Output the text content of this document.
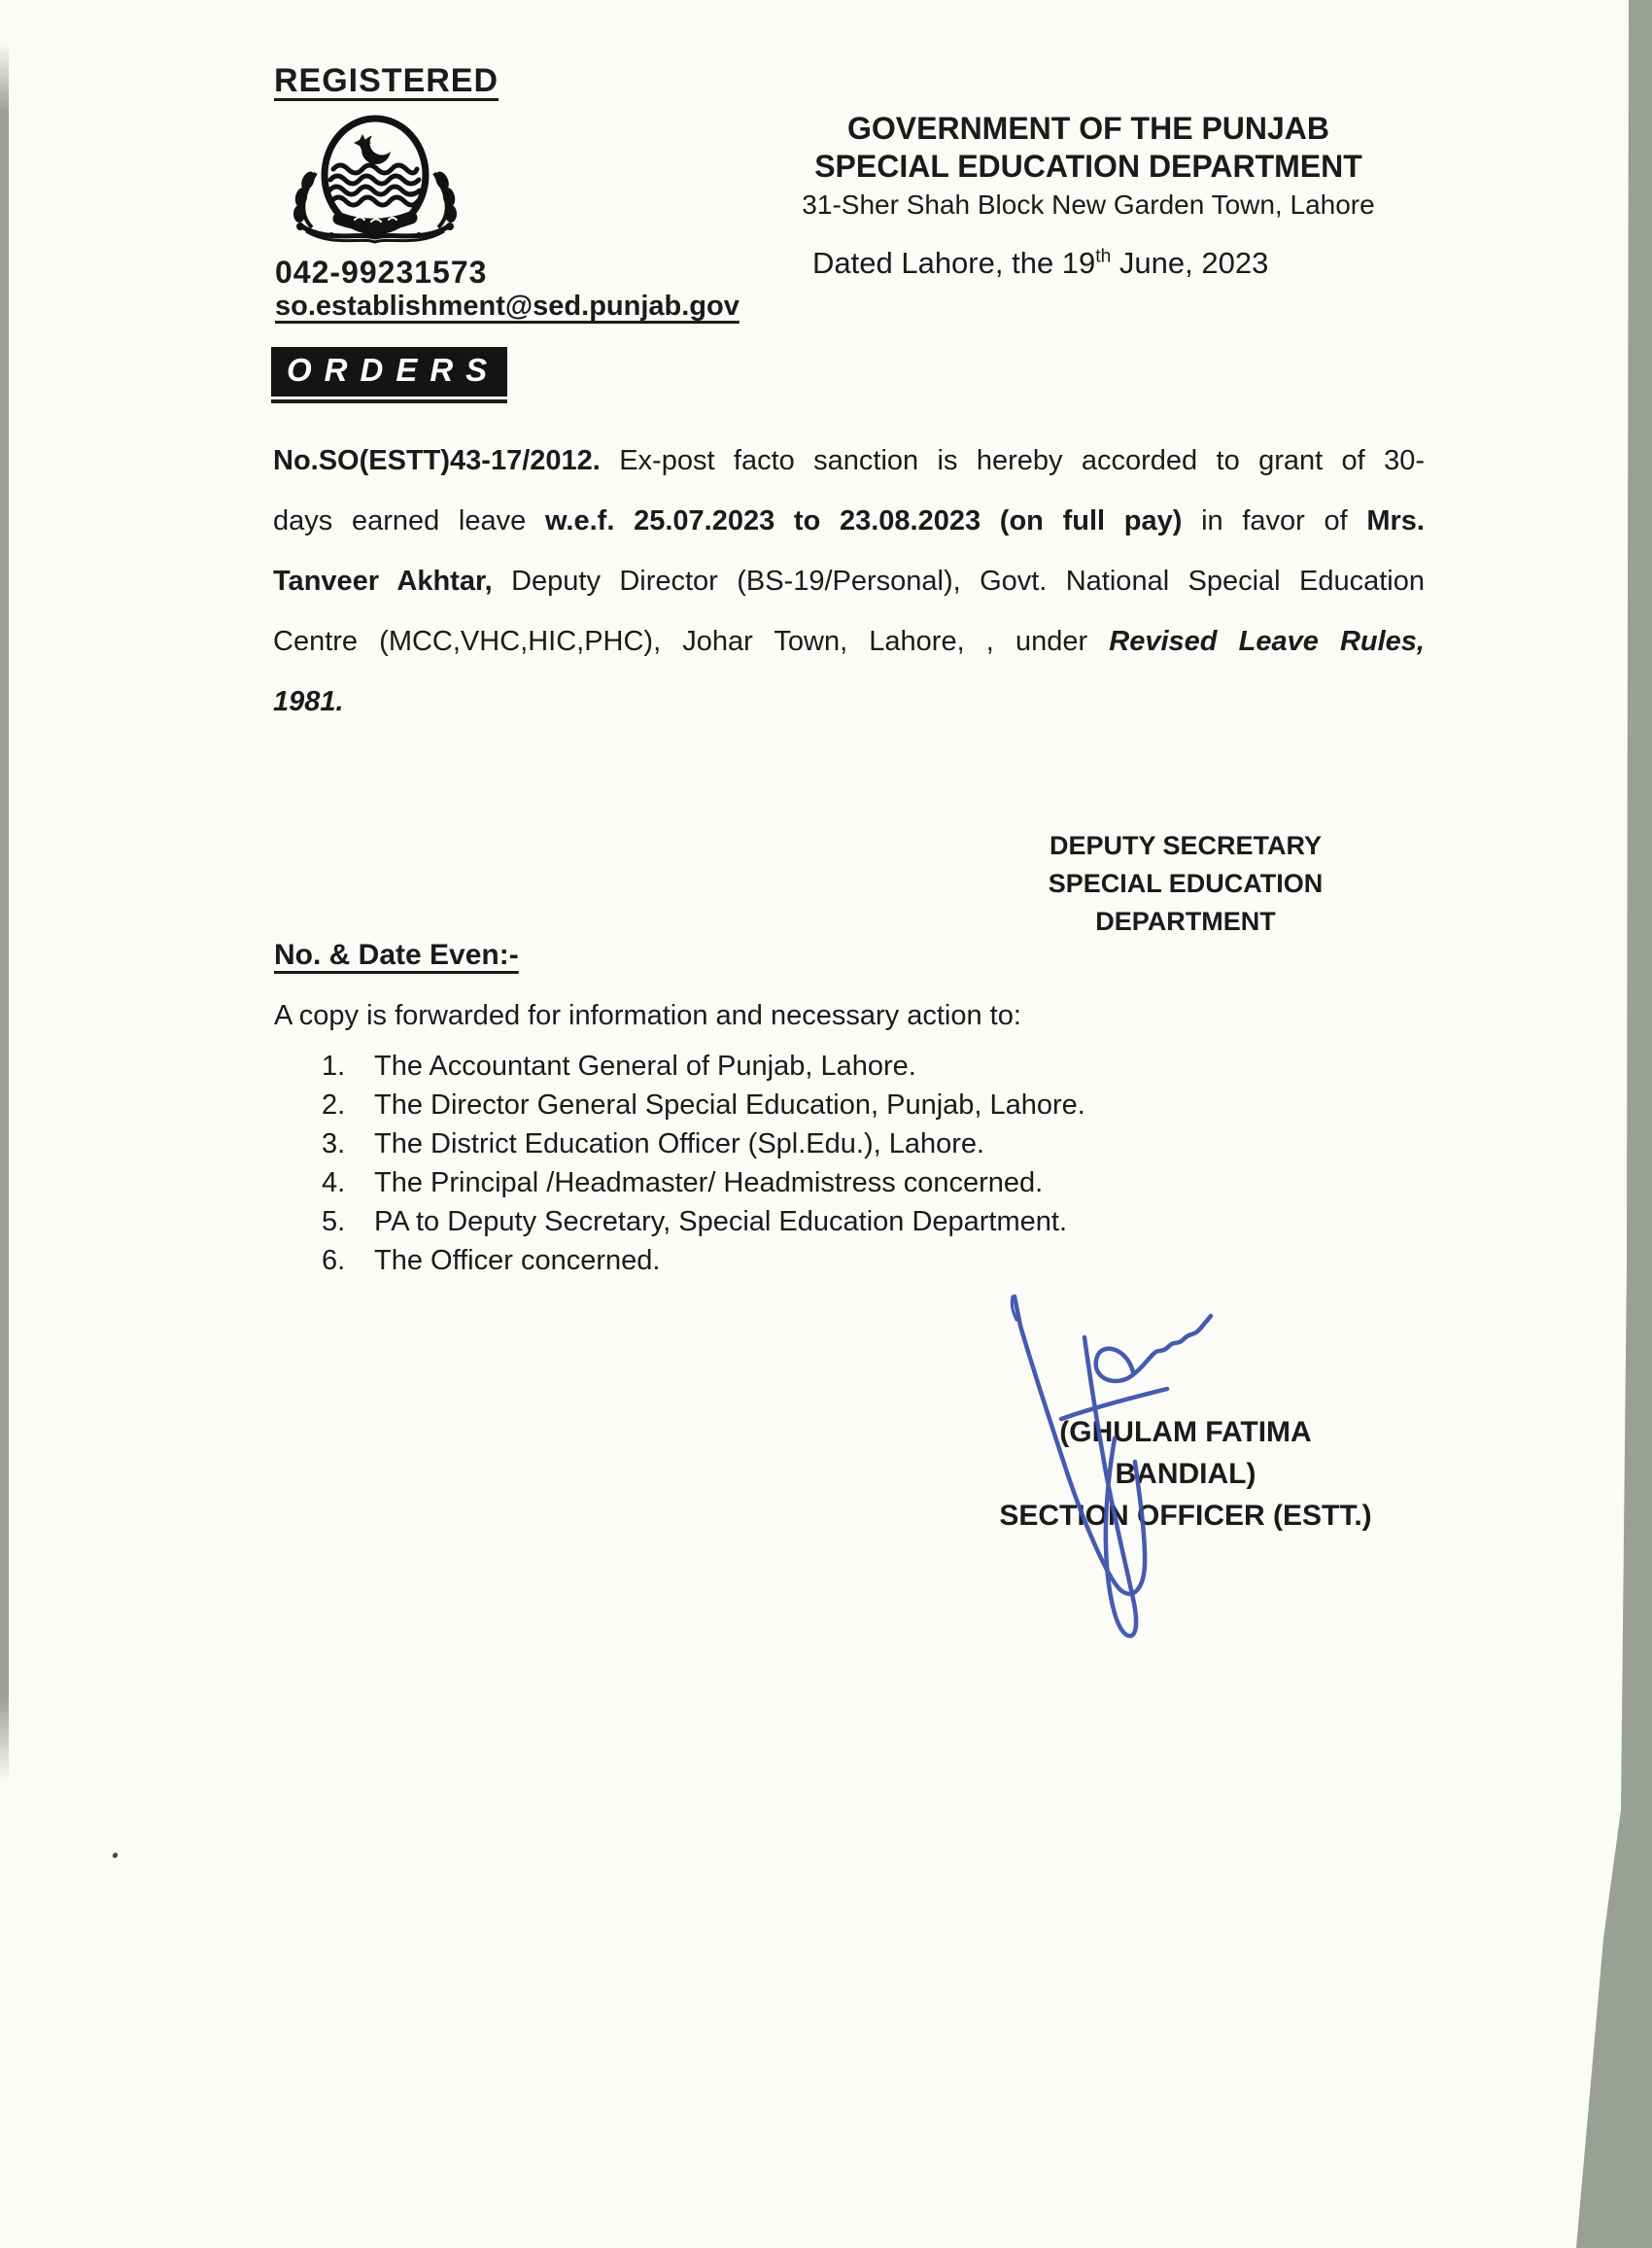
REGISTERED
042-99231573
so.establishment@sed.punjab.gov
GOVERNMENT OF THE PUNJAB
SPECIAL EDUCATION DEPARTMENT
31-Sher Shah Block New Garden Town, Lahore
Dated Lahore, the 19th June, 2023
ORDERS
No.SO(ESTT)43-17/2012. Ex-post facto sanction is hereby accorded to grant of 30-days earned leave w.e.f. 25.07.2023 to 23.08.2023 (on full pay) in favor of Mrs. Tanveer Akhtar, Deputy Director (BS-19/Personal), Govt. National Special Education Centre (MCC,VHC,HIC,PHC), Johar Town, Lahore, , under Revised Leave Rules, 1981.
DEPUTY SECRETARY
SPECIAL EDUCATION
DEPARTMENT
No. & Date Even:-
A copy is forwarded for information and necessary action to:
1.	The Accountant General of Punjab, Lahore.
2.	The Director General Special Education, Punjab, Lahore.
3.	The District Education Officer (Spl.Edu.), Lahore.
4.	The Principal /Headmaster/ Headmistress concerned.
5.	PA to Deputy Secretary, Special Education Department.
6.	The Officer concerned.
(GHULAM FATIMA BANDIAL)
SECTION OFFICER (ESTT.)
